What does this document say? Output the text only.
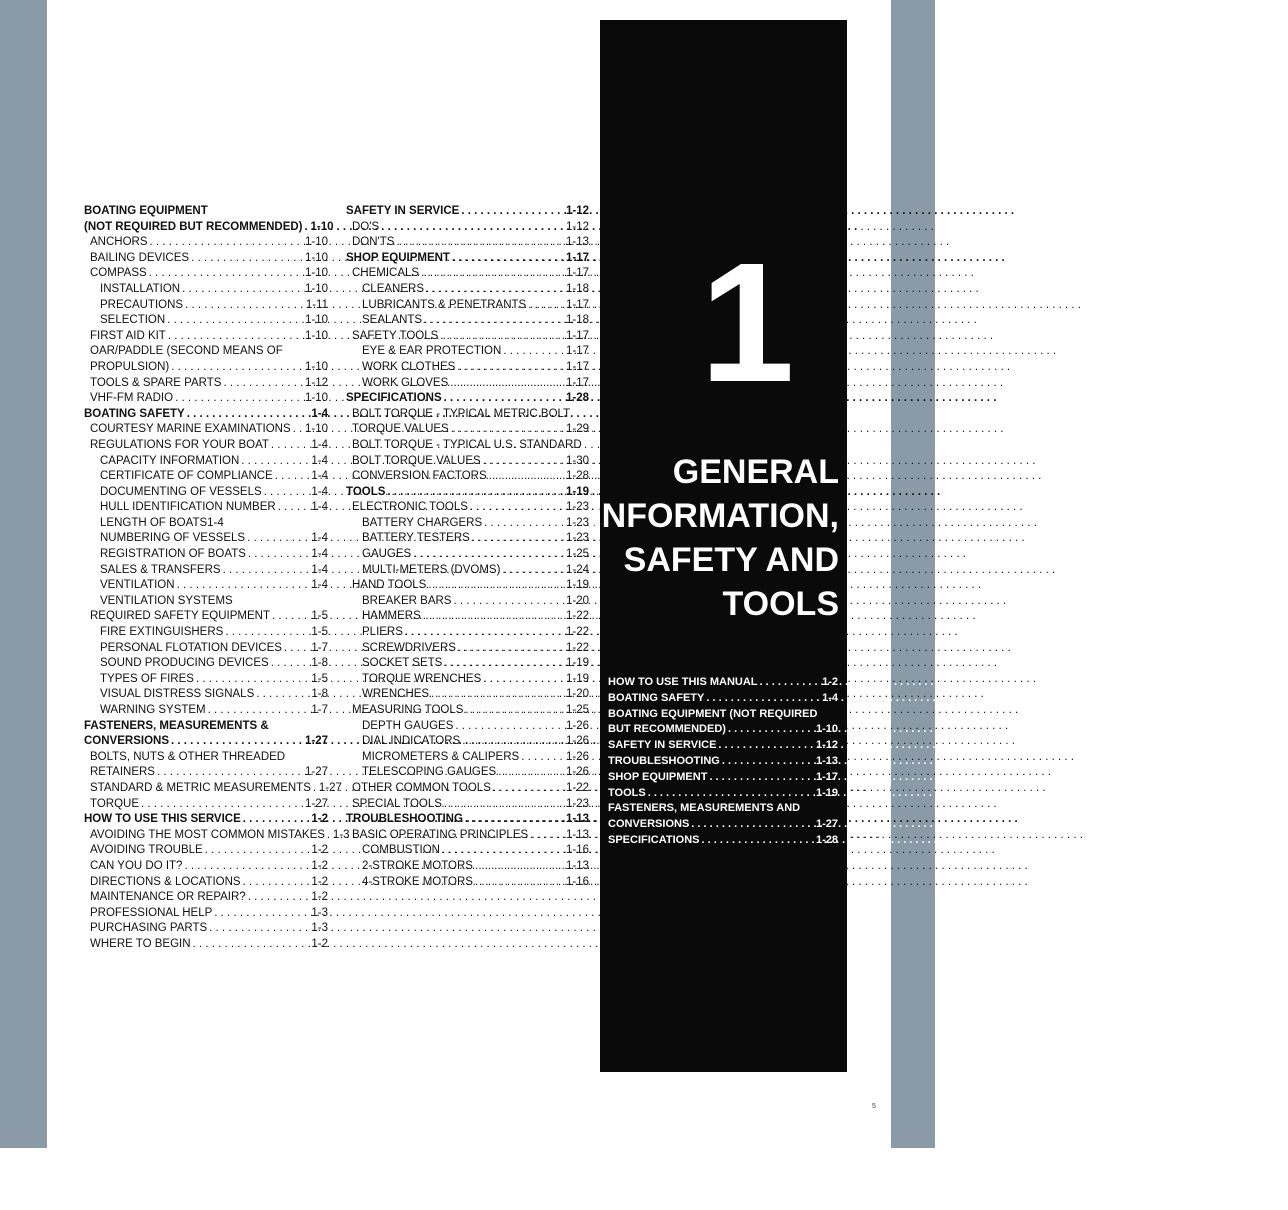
BOATING EQUIPMENT
(NOT REQUIRED BUT RECOMMENDED) . . . 1-10
ANCHORS . . .	1-10
BAILING DEVICES . . .	1-10
COMPASS . . .	1-10
INSTALLATION . . .	1-10
PRECAUTIONS . . .	1-11
SELECTION . . .	1-10
FIRST AID KIT . . .	1-10
OAR/PADDLE (SECOND MEANS OF
PROPULSION) . . .	1-10
TOOLS & SPARE PARTS . . .	1-12
VHF-FM RADIO . . .	1-10
BOATING SAFETY . . .	1-4
COURTESY MARINE EXAMINATIONS . . . 1-10
REGULATIONS FOR YOUR BOAT . . .	1-4
CAPACITY INFORMATION . . .	1-4
CERTIFICATE OF COMPLIANCE . . .	1-4
DOCUMENTING OF VESSELS . . .	1-4
HULL IDENTIFICATION NUMBER . . .	1-4
LENGTH OF BOATS1-4
NUMBERING OF VESSELS . . .	1-4
REGISTRATION OF BOATS . . .	1-4
SALES & TRANSFERS . . .	1-4
VENTILATION . . .	1-4
VENTILATION SYSTEMS
REQUIRED SAFETY EQUIPMENT . . .	1-5
FIRE EXTINGUISHERS . . .	1-5
PERSONAL FLOTATION DEVICES . . .	1-7
SOUND PRODUCING DEVICES . . .	1-8
TYPES OF FIRES . . .	1-5
VISUAL DISTRESS SIGNALS . . .	1-8
WARNING SYSTEM . . .	1-7
FASTENERS, MEASUREMENTS &
CONVERSIONS . . .	1-27
BOLTS, NUTS & OTHER THREADED
RETAINERS . . .	1-27
STANDARD & METRIC MEASUREMENTS . . . 1-27
TORQUE . . .	1-27
HOW TO USE THIS SERVICE . . .	1-2
AVOIDING THE MOST COMMON MISTAKES . . . 1-3
AVOIDING TROUBLE . . .	1-2
CAN YOU DO IT? . . .	1-2
DIRECTIONS & LOCATIONS . . .	1-2
MAINTENANCE OR REPAIR? . . .	1-2
PROFESSIONAL HELP . . .	1-3
PURCHASING PARTS . . .	1-3
WHERE TO BEGIN . . .	1-2
SAFETY IN SERVICE . . .	1-12
DO'S . . .	1-12
DON'TS . . .	1-13
SHOP EQUIPMENT . . .	1-17
CHEMICALS . . .	1-17
CLEANERS . . .	1-18
LUBRICANTS & PENETRANTS . . .	1-17
SEALANTS . . .	1-18
SAFETY TOOLS . . .	1-17
EYE & EAR PROTECTION . . .	1-17
WORK CLOTHES . . .	1-17
WORK GLOVES . . .	1-17
SPECIFICATIONS . . .	1-28
BOLT TORQUE - TYPICAL METRIC BOLT
TORQUE VALUES . . .	1-29
BOLT TORQUE - TYPICAL U.S. STANDARD
BOLT TORQUE VALUES . . .	1-30
CONVERSION FACTORS . . .	1-28
TOOLS . . .	1-19
ELECTRONIC TOOLS . . .	1-23
BATTERY CHARGERS . . .	1-23
BATTERY TESTERS . . .	1-23
GAUGES . . .	1-25
MULTI-METERS (DVOMS) . . .	1-24
HAND TOOLS . . .	1-19
BREAKER BARS . . .	1-20
HAMMERS . . .	1-22
PLIERS . . .	1-22
SCREWDRIVERS . . .	1-22
SOCKET SETS . . .	1-19
TORQUE WRENCHES . . .	1-19
WRENCHES . . .	1-20
MEASURING TOOLS . . .	1-25
DEPTH GAUGES . . .	1-26
DIAL INDICATORS . . .	1-26
MICROMETERS & CALIPERS . . .	1-26
TELESCOPING GAUGES . . .	1-26
OTHER COMMON TOOLS . . .	1-22
SPECIAL TOOLS . . .	1-23
TROUBLESHOOTING . . .	1-13
BASIC OPERATING PRINCIPLES . . .	1-13
COMBUSTION . . .	1-16
2-STROKE MOTORS . . .	1-13
4-STROKE MOTORS . . .	1-16
1
GENERAL
INFORMATION,
SAFETY AND
TOOLS
HOW TO USE THIS MANUAL . . .	1-2
BOATING SAFETY . . .	1-4
BOATING EQUIPMENT (NOT REQUIRED
BUT RECOMMENDED) . . .	1-10
SAFETY IN SERVICE . . .	1-12
TROUBLESHOOTING . . .	1-13
SHOP EQUIPMENT . . .	1-17
TOOLS . . .	1-19
FASTENERS, MEASUREMENTS AND
CONVERSIONS . . .	1-27
SPECIFICATIONS . . .	1-28
5
